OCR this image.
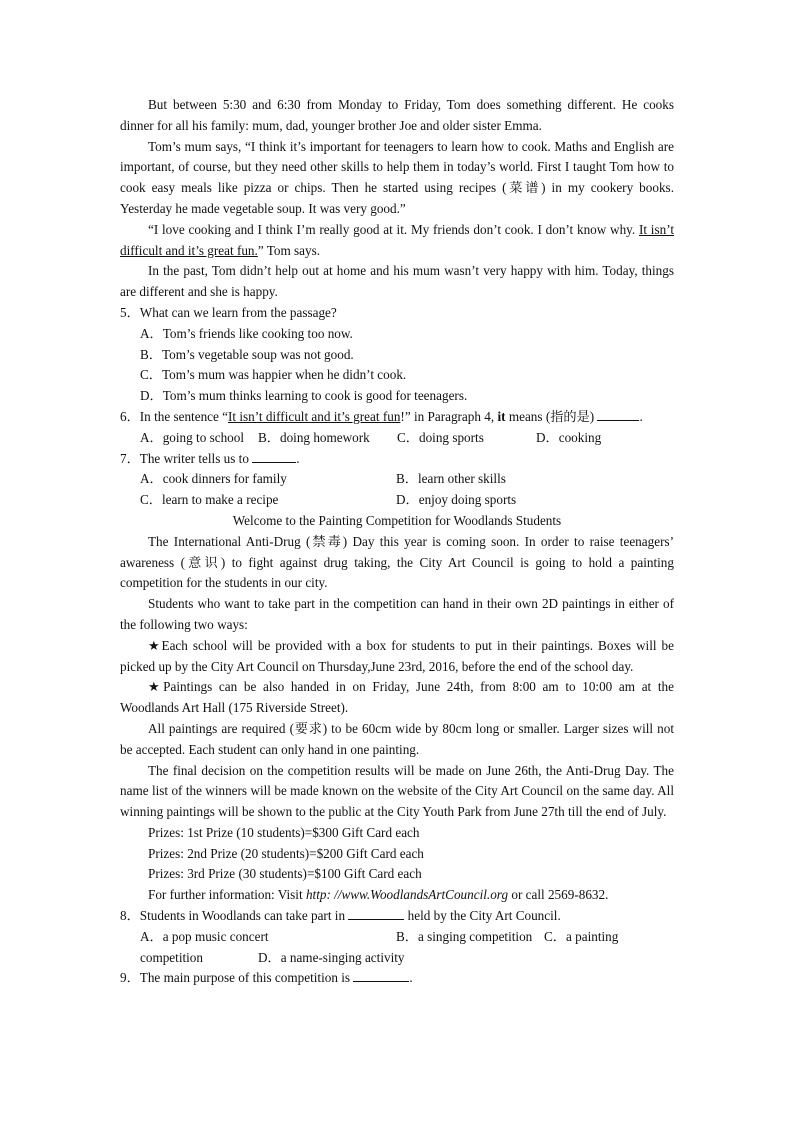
But between 5:30 and 6:30 from Monday to Friday, Tom does something different. He cooks dinner for all his family: mum, dad, younger brother Joe and older sister Emma.
Tom’s mum says, “I think it’s important for teenagers to learn how to cook. Maths and English are important, of course, but they need other skills to help them in today’s world. First I taught Tom how to cook easy meals like pizza or chips. Then he started using recipes (菜谱) in my cookery books. Yesterday he made vegetable soup. It was very good.”
“I love cooking and I think I’m really good at it. My friends don’t cook. I don’t know why. It isn’t difficult and it’s great fun.” Tom says.
In the past, Tom didn’t help out at home and his mum wasn’t very happy with him. Today, things are different and she is happy.
5．What can we learn from the passage?
A．Tom’s friends like cooking too now.
B．Tom’s vegetable soup was not good.
C．Tom’s mum was happier when he didn’t cook.
D．Tom’s mum thinks learning to cook is good for teenagers.
6．In the sentence “It isn’t difficult and it’s great fun!” in Paragraph 4, it means (指的是)	.
A．going to school	B．doing homework	C．doing sports	D．cooking
7．The writer tells us to	.
A．cook dinners for family	B．learn other skills
C．learn to make a recipe	D．enjoy doing sports
Welcome to the Painting Competition for Woodlands Students
The International Anti-Drug (禁毒) Day this year is coming soon. In order to raise teenagers’ awareness (意识) to fight against drug taking, the City Art Council is going to hold a painting competition for the students in our city.
Students who want to take part in the competition can hand in their own 2D paintings in either of the following two ways:
★Each school will be provided with a box for students to put in their paintings. Boxes will be picked up by the City Art Council on Thursday,June 23rd, 2016, before the end of the school day.
★Paintings can be also handed in on Friday, June 24th, from 8:00 am to 10:00 am at the Woodlands Art Hall (175 Riverside Street).
All paintings are required (要求) to be 60cm wide by 80cm long or smaller. Larger sizes will not be accepted. Each student can only hand in one painting.
The final decision on the competition results will be made on June 26th, the Anti-Drug Day. The name list of the winners will be made known on the website of the City Art Council on the same day. All winning paintings will be shown to the public at the City Youth Park from June 27th till the end of July.
Prizes: 1st Prize (10 students)=$300 Gift Card each
Prizes: 2nd Prize (20 students)=$200 Gift Card each
Prizes: 3rd Prize (30 students)=$100 Gift Card each
For further information: Visit http: //www.WoodlandsArtCouncil.org or call 2569-8632.
8．Students in Woodlands can take part in	held by the City Art Council.
A．a pop music concert	B．a singing competition C．a painting
competition	D．a name-singing activity
9．The main purpose of this competition is	.
